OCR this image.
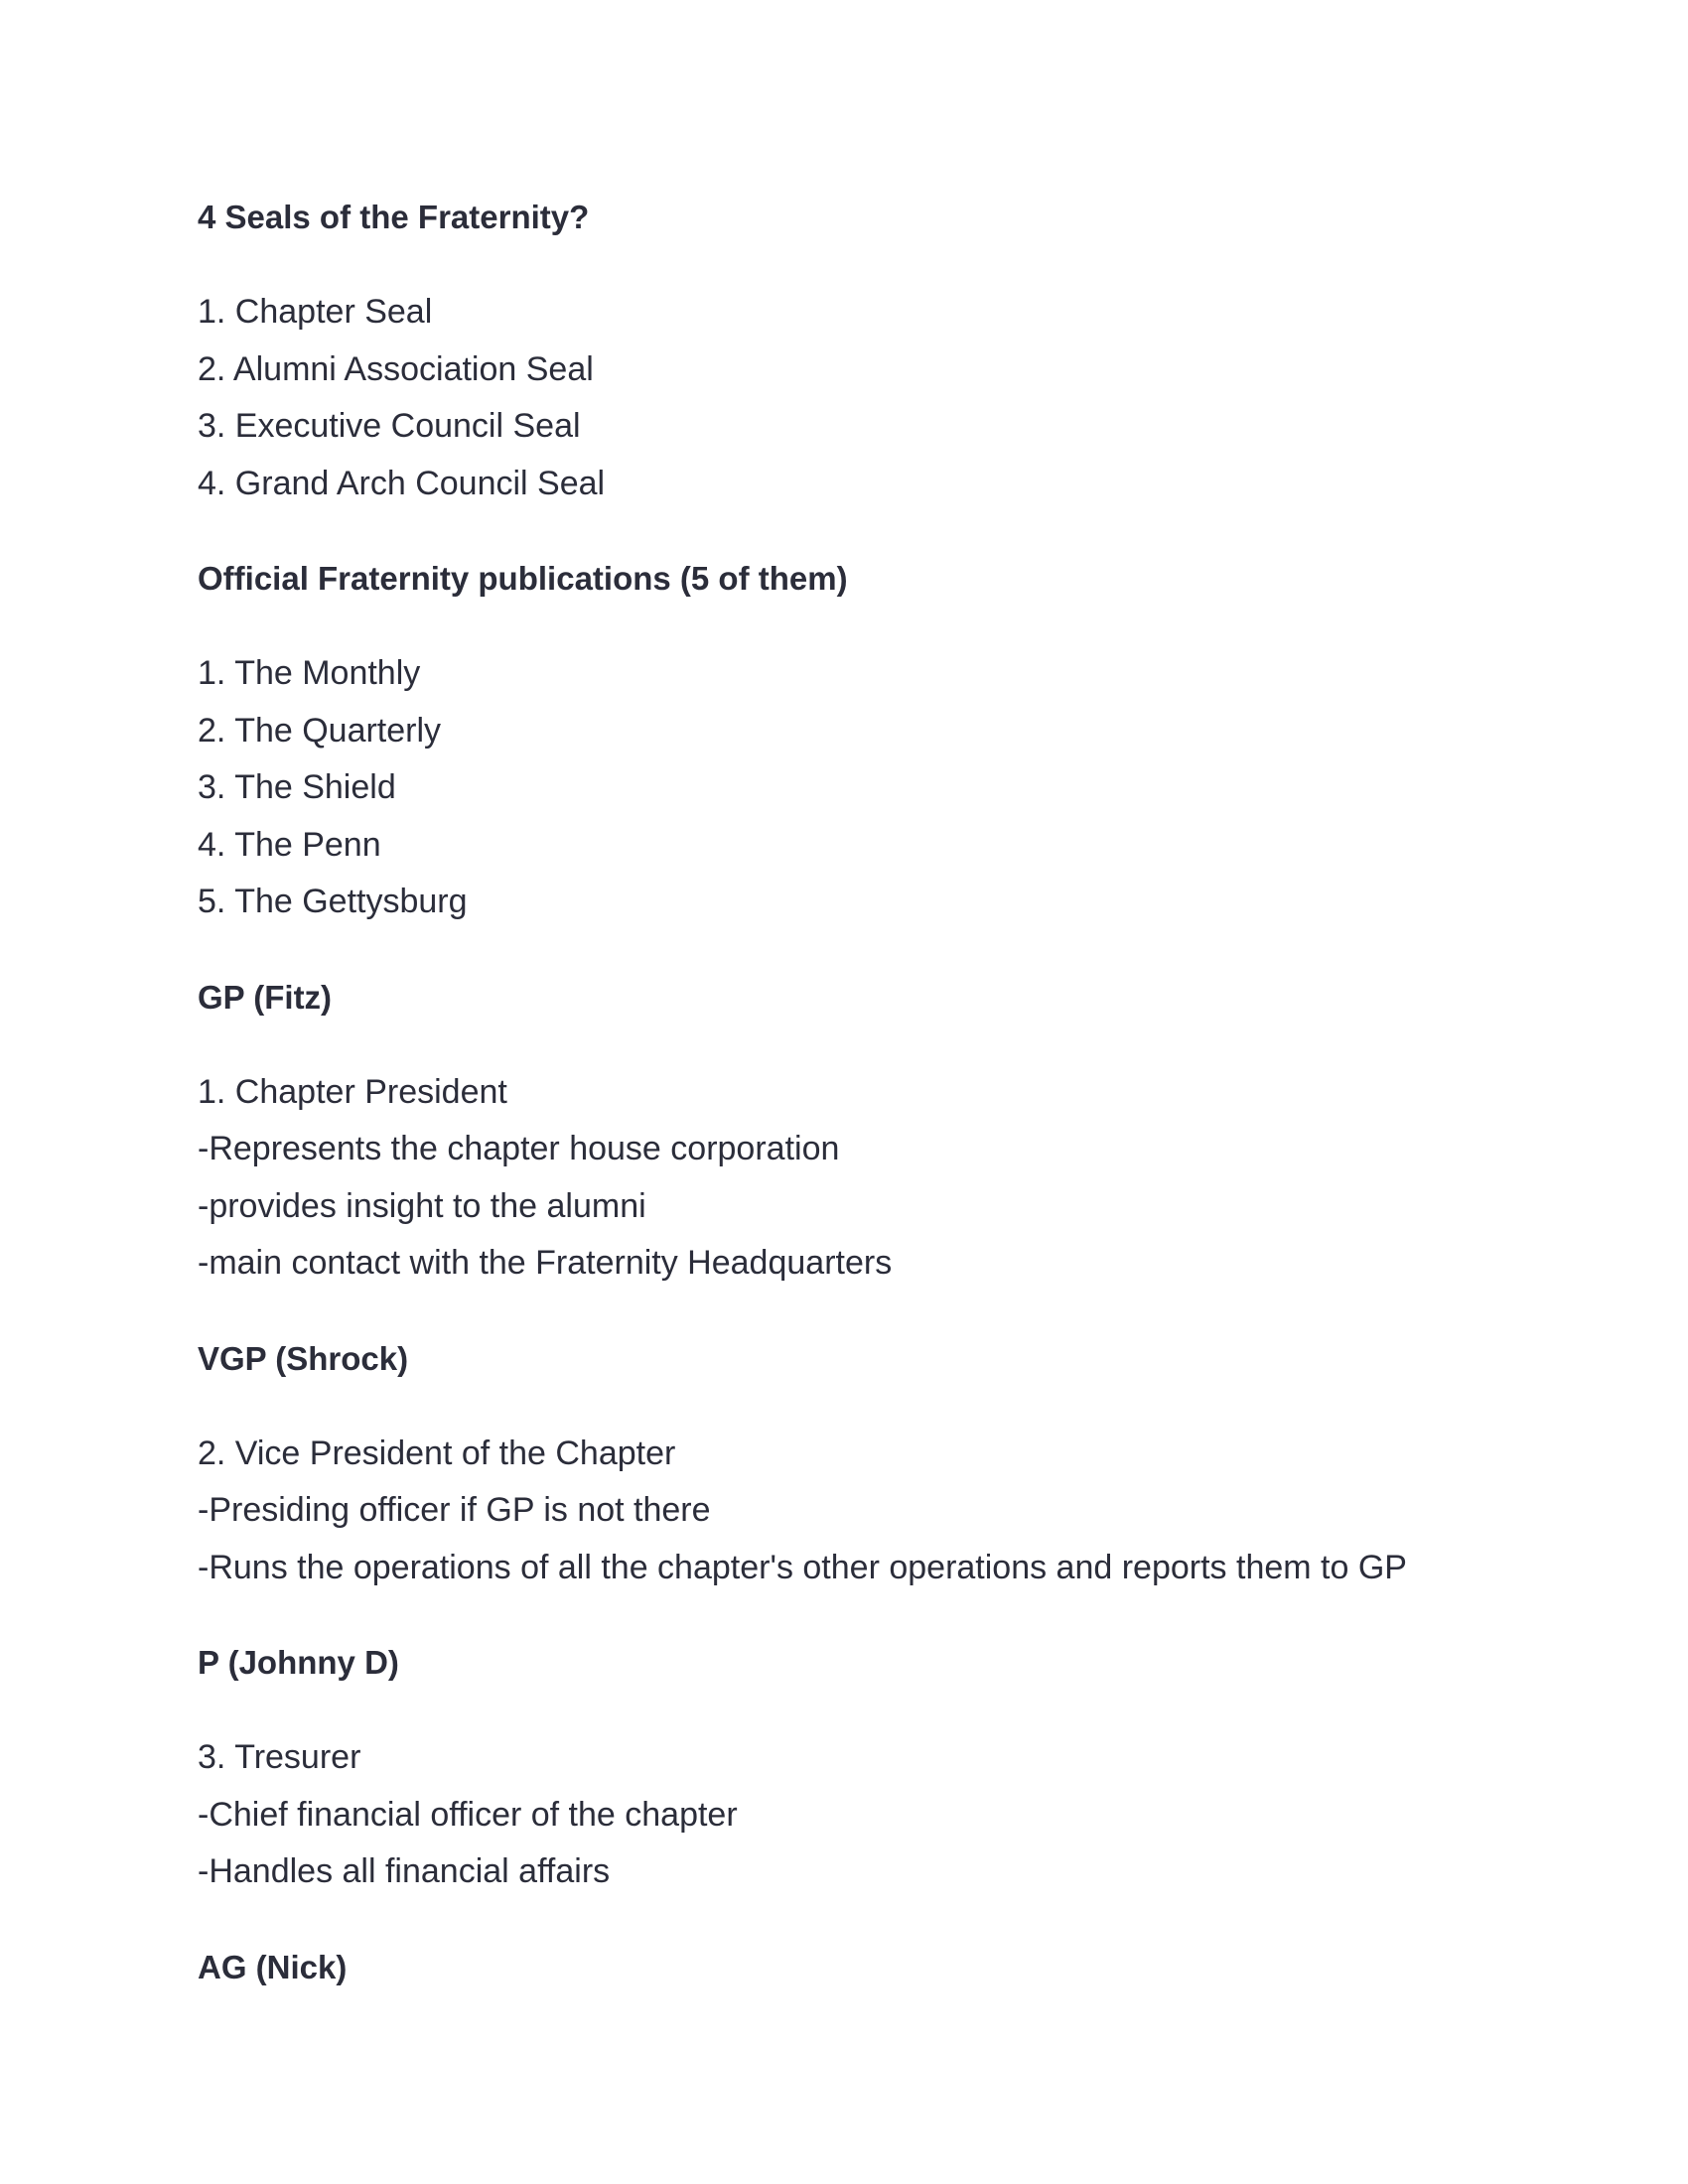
4 Seals of the Fraternity?
1. Chapter Seal
2. Alumni Association Seal
3. Executive Council Seal
4. Grand Arch Council Seal
Official Fraternity publications (5 of them)
1. The Monthly
2. The Quarterly
3. The Shield
4. The Penn
5. The Gettysburg
GP (Fitz)
1. Chapter President
-Represents the chapter house corporation
-provides insight to the alumni
-main contact with the Fraternity Headquarters
VGP (Shrock)
2. Vice President of the Chapter
-Presiding officer if GP is not there
-Runs the operations of all the chapter's other operations and reports them to GP
P (Johnny D)
3. Tresurer
-Chief financial officer of the chapter
-Handles all financial affairs
AG (Nick)
